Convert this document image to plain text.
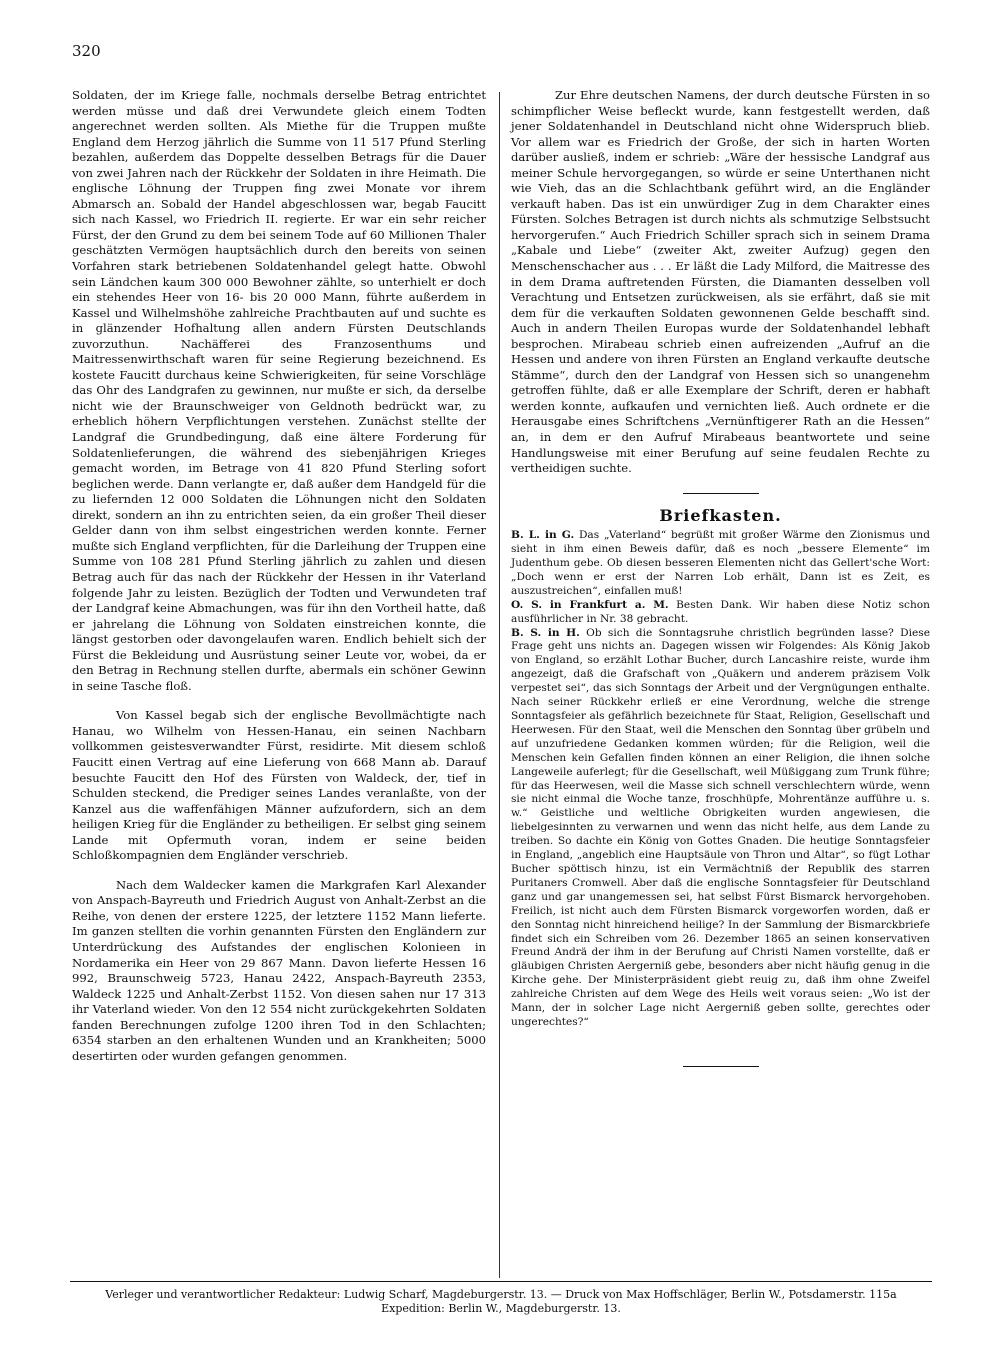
320

Soldaten, der im Kriege falle, nochmals derselbe Betrag entrichtet werden müsse und daß drei Verwundete gleich einem Todten angerechnet werden sollten. Als Miethe für die Truppen mußte England dem Herzog jährlich die Summe von 11 517 Pfund Sterling bezahlen, außerdem das Doppelte desselben Betrags für die Dauer von zwei Jahren nach der Rückkehr der Soldaten in ihre Heimath. Die englische Löhnung der Truppen fing zwei Monate vor ihrem Abmarsch an. Sobald der Handel abgeschlossen war, begab Faucitt sich nach Kassel, wo Friedrich II. regierte. Er war ein sehr reicher Fürst, der den Grund zu dem bei seinem Tode auf 60 Millionen Thaler geschätzten Vermögen hauptsächlich durch den bereits von seinen Vorfahren stark betriebenen Soldatenhandel gelegt hatte. Obwohl sein Ländchen kaum 300 000 Bewohner zählte, so unterhielt er doch ein stehendes Heer von 16- bis 20 000 Mann, führte außerdem in Kassel und Wilhelmshöhe zahlreiche Prachtbauten auf und suchte es in glänzender Hofhaltung allen andern Fürsten Deutschlands zuvorzuthun. Nachäfferei des Franzosenthums und Maitressenwirthschaft waren für seine Regierung bezeichnend. Es kostete Faucitt durchaus keine Schwierigkeiten, für seine Vorschläge das Ohr des Landgrafen zu gewinnen, nur mußte er sich, da derselbe nicht wie der Braunschweiger von Geldnoth bedrückt war, zu erheblich höhern Verpflichtungen verstehen. Zunächst stellte der Landgraf die Grundbedingung, daß eine ältere Forderung für Soldatenlieferungen, die während des siebenjährigen Krieges gemacht worden, im Betrage von 41 820 Pfund Sterling sofort beglichen werde. Dann verlangte er, daß außer dem Handgeld für die zu liefernden 12 000 Soldaten die Löhnungen nicht den Soldaten direkt, sondern an ihn zu entrichten seien, da ein großer Theil dieser Gelder dann von ihm selbst eingestrichen werden konnte. Ferner mußte sich England verpflichten, für die Darleihung der Truppen eine Summe von 108 281 Pfund Sterling jährlich zu zahlen und diesen Betrag auch für das nach der Rückkehr der Hessen in ihr Vaterland folgende Jahr zu leisten. Bezüglich der Todten und Verwundeten traf der Landgraf keine Abmachungen, was für ihn den Vortheil hatte, daß er jahrelang die Löhnung von Soldaten einstreichen konnte, die längst gestorben oder davongelaufen waren. Endlich behielt sich der Fürst die Bekleidung und Ausrüstung seiner Leute vor, wobei, da er den Betrag in Rechnung stellen durfte, abermals ein schöner Gewinn in seine Tasche floß.

Von Kassel begab sich der englische Bevollmächtigte nach Hanau, wo Wilhelm von Hessen-Hanau, ein seinen Nachbarn vollkommen geistesverwandter Fürst, residirte. Mit diesem schloß Faucitt einen Vertrag auf eine Lieferung von 668 Mann ab. Darauf besuchte Faucitt den Hof des Fürsten von Waldeck, der, tief in Schulden steckend, die Prediger seines Landes veranlaßte, von der Kanzel aus die waffenfähigen Männer aufzufordern, sich an dem heiligen Krieg für die Engländer zu betheiligen. Er selbst ging seinem Lande mit Opfermuth voran, indem er seine beiden Schloßkompagnien dem Engländer verschrieb.

Nach dem Waldecker kamen die Markgrafen Karl Alexander von Anspach-Bayreuth und Friedrich August von Anhalt-Zerbst an die Reihe, von denen der erstere 1225, der letztere 1152 Mann lieferte. Im ganzen stellten die vorhin genannten Fürsten den Engländern zur Unterdrückung des Aufstandes der englischen Kolonieen in Nordamerika ein Heer von 29 867 Mann. Davon lieferte Hessen 16 992, Braunschweig 5723, Hanau 2422, Anspach-Bayreuth 2353, Waldeck 1225 und Anhalt-Zerbst 1152. Von diesen sahen nur 17 313 ihr Vaterland wieder. Von den 12 554 nicht zurückgekehrten Soldaten fanden Berechnungen zufolge 1200 ihren Tod in den Schlachten; 6354 starben an den erhaltenen Wunden und an Krankheiten; 5000 desertirten oder wurden gefangen genommen.

Zur Ehre deutschen Namens, der durch deutsche Fürsten in so schimpflicher Weise befleckt wurde, kann festgestellt werden, daß jener Soldatenhandel in Deutschland nicht ohne Widerspruch blieb. Vor allem war es Friedrich der Große, der sich in harten Worten darüber ausließ, indem er schrieb: „Wäre der hessische Landgraf aus meiner Schule hervorgegangen, so würde er seine Unterthanen nicht wie Vieh, das an die Schlachtbank geführt wird, an die Engländer verkauft haben. Das ist ein unwürdiger Zug in dem Charakter eines Fürsten. Solches Betragen ist durch nichts als schmutzige Selbstsucht hervorgerufen.“ Auch Friedrich Schiller sprach sich in seinem Drama „Kabale und Liebe“ (zweiter Akt, zweiter Aufzug) gegen den Menschenschacher aus . . . Er läßt die Lady Milford, die Maitresse des in dem Drama auftretenden Fürsten, die Diamanten desselben voll Verachtung und Entsetzen zurückweisen, als sie erfährt, daß sie mit dem für die verkauften Soldaten gewonnenen Gelde beschafft sind. Auch in andern Theilen Europas wurde der Soldatenhandel lebhaft besprochen. Mirabeau schrieb einen aufreizenden „Aufruf an die Hessen und andere von ihren Fürsten an England verkaufte deutsche Stämme“, durch den der Landgraf von Hessen sich so unangenehm getroffen fühlte, daß er alle Exemplare der Schrift, deren er habhaft werden konnte, aufkaufen und vernichten ließ. Auch ordnete er die Herausgabe eines Schriftchens „Vernünftigerer Rath an die Hessen“ an, in dem er den Aufruf Mirabeaus beantwortete und seine Handlungsweise mit einer Berufung auf seine feudalen Rechte zu vertheidigen suchte.

Briefkasten.

B. L. in G. Das „Vaterland“ begrüßt mit großer Wärme den Zionismus und sieht in ihm einen Beweis dafür, daß es noch „bessere Elemente“ im Judenthum gebe. Ob diesen besseren Elementen nicht das Gellert'sche Wort: „Doch wenn er erst der Narren Lob erhält, Dann ist es Zeit, es auszustreichen“, einfallen muß!

O. S. in Frankfurt a. M. Besten Dank. Wir haben diese Notiz schon ausführlicher in Nr. 38 gebracht.

B. S. in H. Ob sich die Sonntagsruhe christlich begründen lasse? Diese Frage geht uns nichts an. Dagegen wissen wir Folgendes: Als König Jakob von England, so erzählt Lothar Bucher, durch Lancashire reiste, wurde ihm angezeigt, daß die Grafschaft von „Quäkern und anderem präzisem Volk verpestet sei“, das sich Sonntags der Arbeit und der Vergnügungen enthalte. Nach seiner Rückkehr erließ er eine Verordnung, welche die strenge Sonntagsfeier als gefährlich bezeichnete für Staat, Religion, Gesellschaft und Heerwesen. Für den Staat, weil die Menschen den Sonntag über grübeln und auf unzufriedene Gedanken kommen würden; für die Religion, weil die Menschen kein Gefallen finden können an einer Religion, die ihnen solche Langeweile auferlegt; für die Gesellschaft, weil Müßiggang zum Trunk führe; für das Heerwesen, weil die Masse sich schnell verschlechtern würde, wenn sie nicht einmal die Woche tanze, froschhüpfe, Mohrentänze aufführe u. s. w.“ Geistliche und weltliche Obrigkeiten wurden angewiesen, die liebelgesinnten zu verwarnen und wenn das nicht helfe, aus dem Lande zu treiben. So dachte ein König von Gottes Gnaden. Die heutige Sonntagsfeier in England, „angeblich eine Hauptsäule von Thron und Altar“, so fügt Lothar Bucher spöttisch hinzu, ist ein Vermächtniß der Republik des starren Puritaners Cromwell. Aber daß die englische Sonntagsfeier für Deutschland ganz und gar unangemessen sei, hat selbst Fürst Bismarck hervorgehoben. Freilich, ist nicht auch dem Fürsten Bismarck vorgeworfen worden, daß er den Sonntag nicht hinreichend heilige? In der Sammlung der Bismarckbriefe findet sich ein Schreiben vom 26. Dezember 1865 an seinen konservativen Freund Andrä der ihm in der Berufung auf Christi Namen vorstellte, daß er gläubigen Christen Aergerniß gebe, besonders aber nicht häufig genug in die Kirche gehe. Der Ministerpräsident giebt reuig zu, daß ihm ohne Zweifel zahlreiche Christen auf dem Wege des Heils weit voraus seien: „Wo ist der Mann, der in solcher Lage nicht Aergerniß geben sollte, gerechtes oder ungerechtes?“

Verleger und verantwortlicher Redakteur: Ludwig Scharf, Magdeburgerstr. 13. — Druck von Max Hoffschläger, Berlin W., Potsdamerstr. 115a

Expedition: Berlin W., Magdeburgerstr. 13.
